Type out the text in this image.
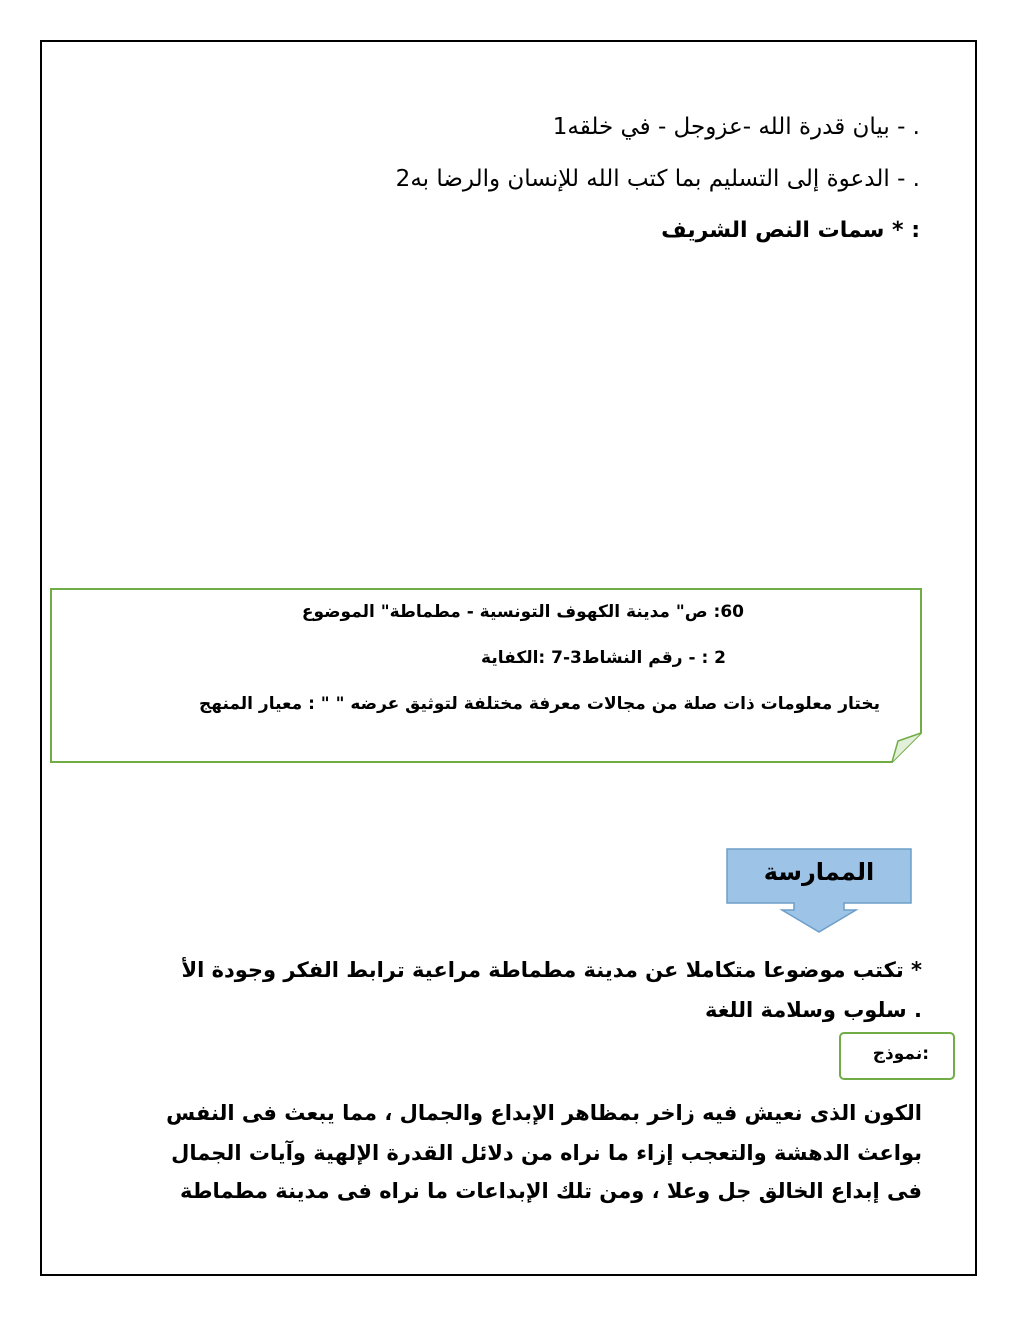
. - بيان قدرة الله -عزوجل - في خلقه1
. - الدعوة إلى التسليم بما كتب الله للإنسان والرضا به2
: * سمات النص الشريف
60: ص" مدينة الكهوف التونسية - مطماطة" الموضوع
2 : - رقم النشاط3-7 :الكفاية
يختار معلومات ذات صلة من مجالات معرفة مختلفة لتوثيق عرضه " " : معيار المنهج
الممارسة
* تكتب موضوعا متكاملا عن مدينة مطماطة مراعية ترابط الفكر وجودة الأ
. سلوب وسلامة اللغة
:نموذج
الكون الذى نعيش فيه زاخر بمظاهر الإبداع والجمال ، مما يبعث فى النفس
بواعث الدهشة والتعجب إزاء ما نراه من دلائل القدرة الإلهية وآيات الجمال
فى إبداع الخالق جل وعلا ، ومن تلك الإبداعات ما نراه فى مدينة مطماطة
